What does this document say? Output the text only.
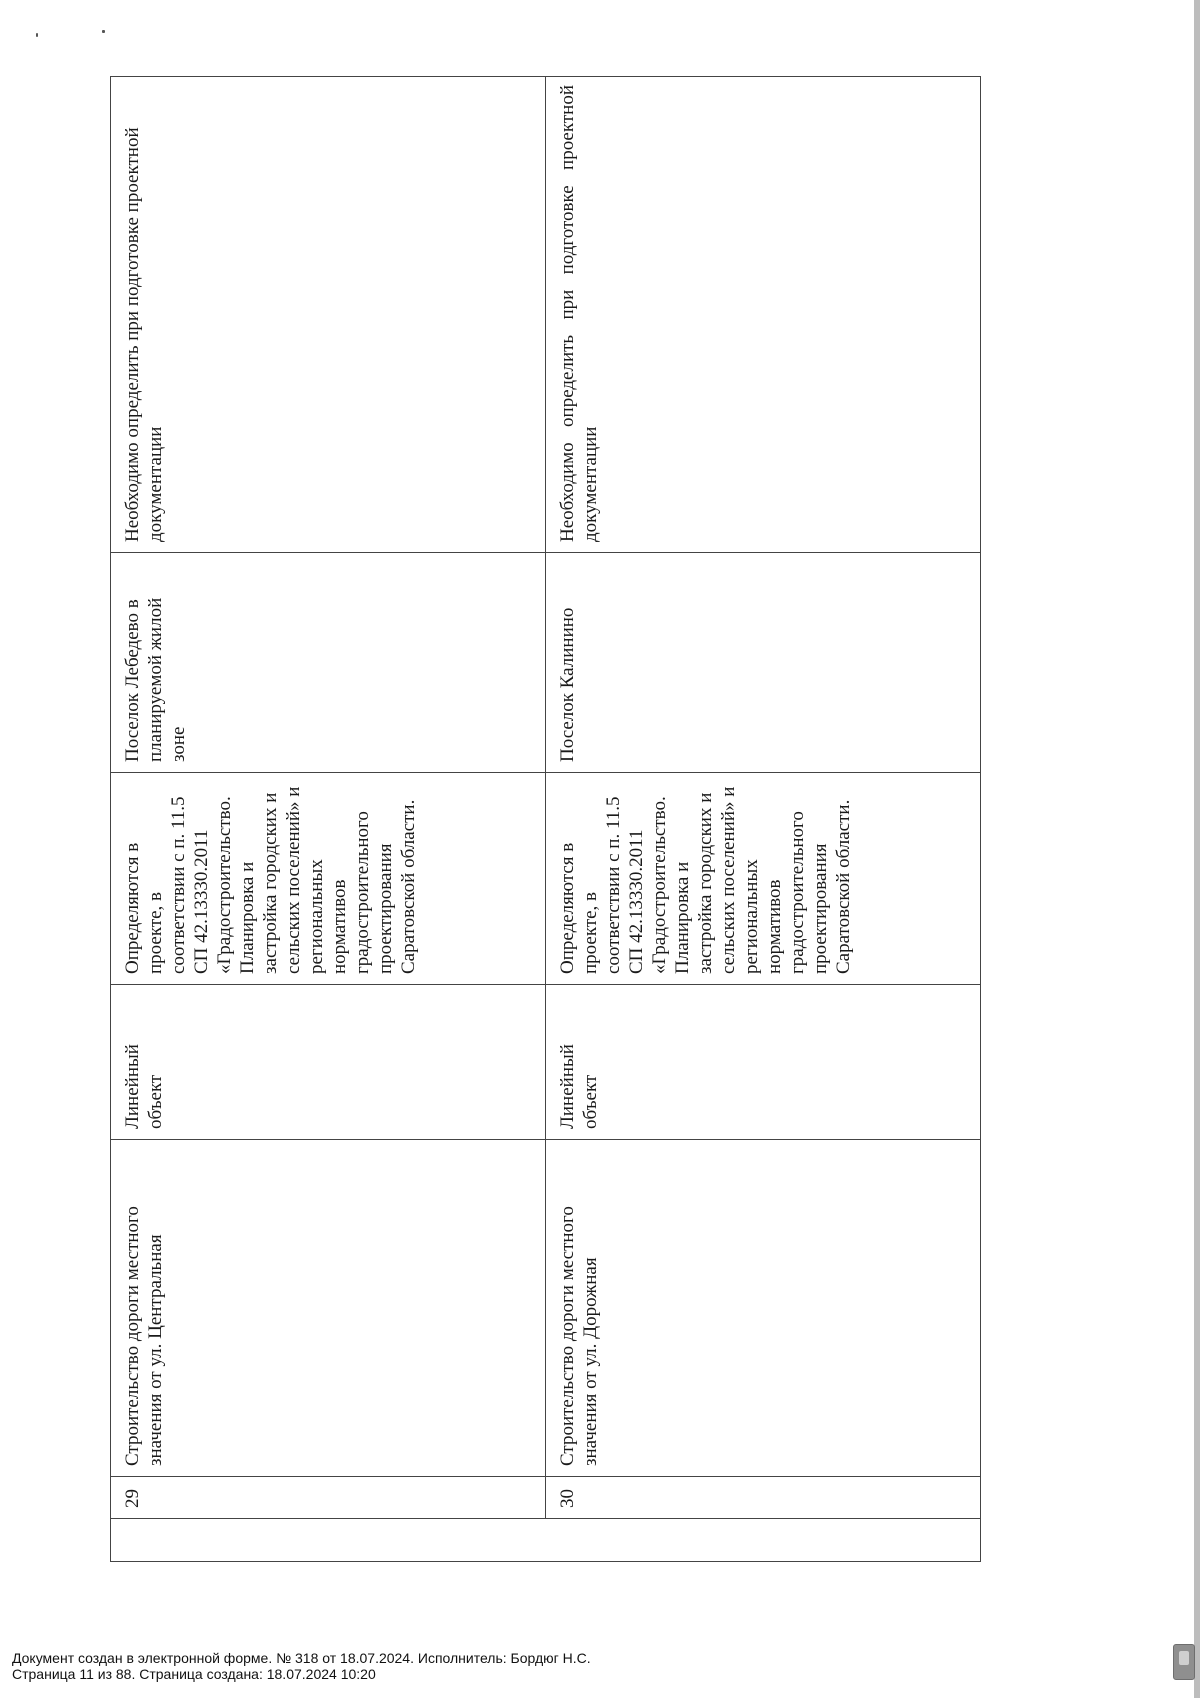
	29	Строительство дороги местного значения от ул. Центральная	Линейный объект	Определяются в проекте, в соответствии с п. 11.5 СП 42.13330.2011 «Градостроительство. Планировка и застройка городских и сельских поселений» и региональных нормативов градостроительного проектирования Саратовской области.	Поселок Лебедево в планируемой жилой зоне	Необходимо определить при подготовке проектной документации
	30	Строительство дороги местного значения от ул. Дорожная	Линейный объект	Определяются в проекте, в соответствии с п. 11.5 СП 42.13330.2011 «Градостроительство. Планировка и застройка городских и сельских поселений» и региональных нормативов градостроительного проектирования Саратовской области.	Поселок Калинино	Необходимо определить при подготовке проектной документации
Документ создан в электронной форме. № 318 от 18.07.2024. Исполнитель: Бордюг Н.С.
Страница 11 из 88. Страница создана: 18.07.2024 10:20
